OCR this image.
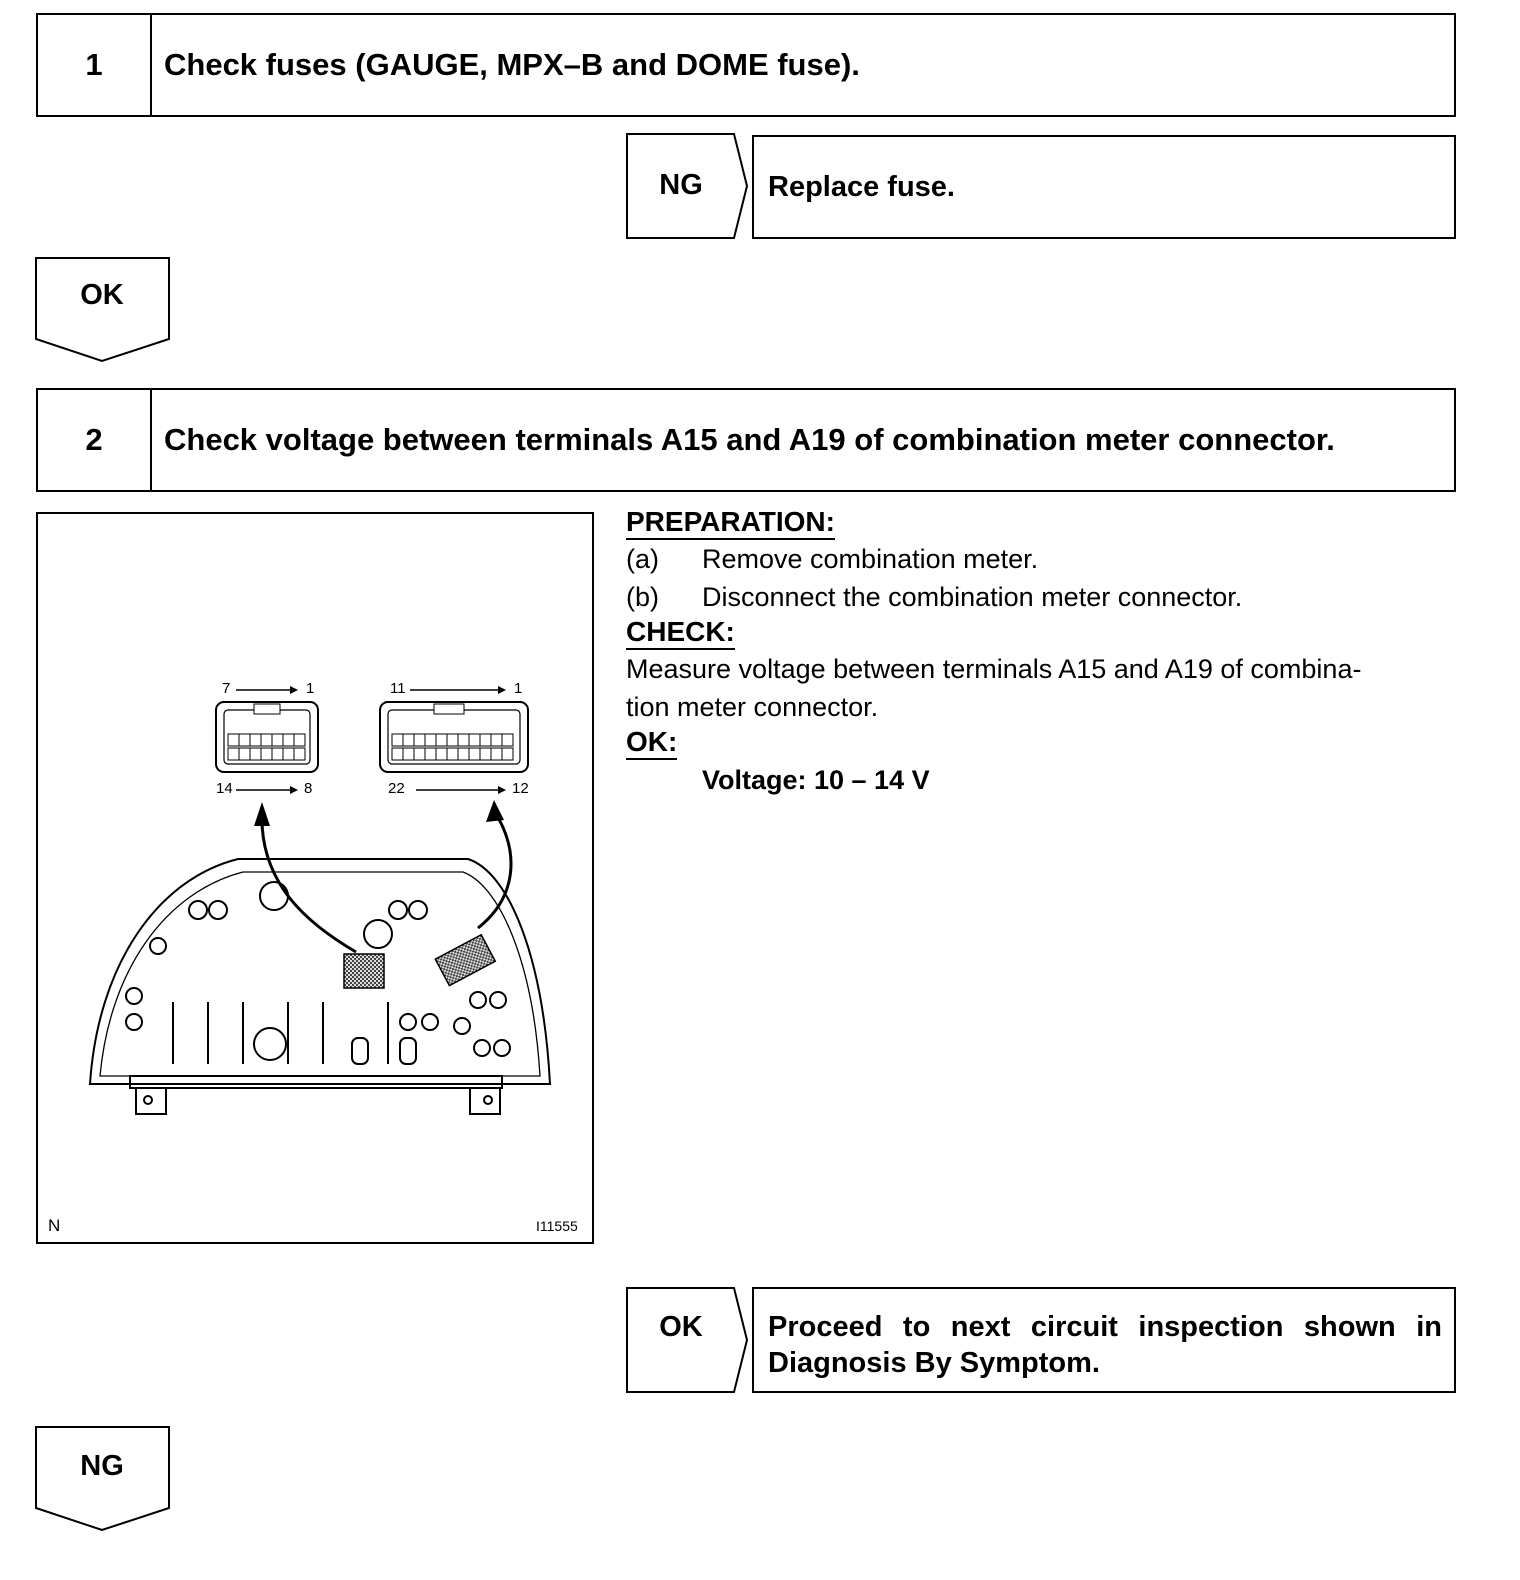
1	Check fuses (GAUGE, MPX–B and DOME fuse).
NG	Replace fuse.
OK
2	Check voltage between terminals A15 and A19 of combination meter connector.
7	1
14	8
11	1
22	12
N	I11555
PREPARATION:
(a)	Remove combination meter.
(b)	Disconnect the combination meter connector.
CHECK:
Measure voltage between terminals A15 and A19 of combina-
tion meter connector.
OK:
Voltage: 10 – 14 V
OK	Proceed to next circuit inspection shown in
Diagnosis By Symptom.
NG
